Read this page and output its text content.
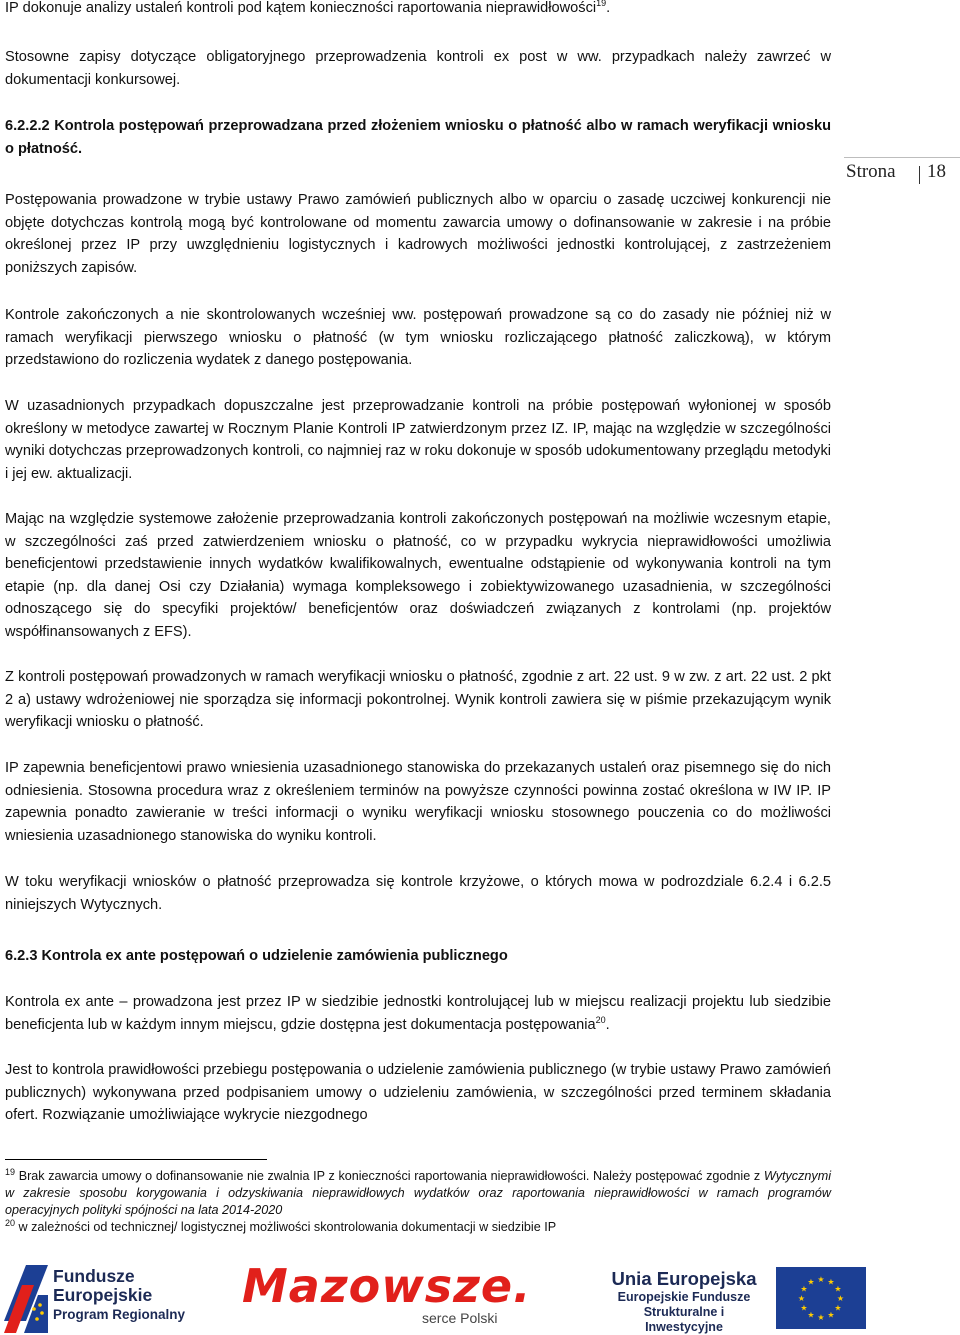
IP dokonuje analizy ustaleń kontroli pod kątem konieczności raportowania nieprawidłowości$^{19}$.

Stosowne zapisy dotyczące obligatoryjnego przeprowadzenia kontroli ex post w ww. przypadkach należy zawrzeć w dokumentacji konkursowej.

6.2.2.2 Kontrola postępowań przeprowadzana przed złożeniem wniosku o płatność albo w ramach weryfikacji wniosku o płatność.

Strona 18

Postępowania prowadzone w trybie ustawy Prawo zamówień publicznych albo w oparciu o zasadę uczciwej konkurencji nie objęte dotychczas kontrolą mogą być kontrolowane od momentu zawarcia umowy o dofinansowanie w zakresie i na próbie określonej przez IP przy uwzględnieniu logistycznych i kadrowych możliwości jednostki kontrolującej, z zastrzeżeniem poniższych zapisów.

Kontrole zakończonych a nie skontrolowanych wcześniej ww. postępowań prowadzone są co do zasady nie później niż w ramach weryfikacji pierwszego wniosku o płatność (w tym wniosku rozliczającego płatność zaliczkową), w którym przedstawiono do rozliczenia wydatek z danego postępowania.

W uzasadnionych przypadkach dopuszczalne jest przeprowadzanie kontroli na próbie postępowań wyłonionej w sposób określony w metodyce zawartej w Rocznym Planie Kontroli IP zatwierdzonym przez IZ. IP, mając na względzie w szczególności wyniki dotychczas przeprowadzonych kontroli, co najmniej raz w roku dokonuje w sposób udokumentowany przeglądu metodyki i jej ew. aktualizacji.

Mając na względzie systemowe założenie przeprowadzania kontroli zakończonych postępowań na możliwie wczesnym etapie, w szczególności zaś przed zatwierdzeniem wniosku o płatność, co w przypadku wykrycia nieprawidłowości umożliwia beneficjentowi przedstawienie innych wydatków kwalifikowalnych, ewentualne odstąpienie od wykonywania kontroli na tym etapie (np. dla danej Osi czy Działania) wymaga kompleksowego i zobiektywizowanego uzasadnienia, w szczególności odnoszącego się do specyfiki projektów/ beneficjentów oraz doświadczeń związanych z kontrolami (np. projektów współfinansowanych z EFS).

Z kontroli postępowań prowadzonych w ramach weryfikacji wniosku o płatność, zgodnie z art. 22 ust. 9 w zw. z art. 22 ust. 2 pkt 2 a) ustawy wdrożeniowej nie sporządza się informacji pokontrolnej. Wynik kontroli zawiera się w piśmie przekazującym wynik weryfikacji wniosku o płatność.

IP zapewnia beneficjentowi prawo wniesienia uzasadnionego stanowiska do przekazanych ustaleń oraz pisemnego się do nich odniesienia. Stosowna procedura wraz z określeniem terminów na powyższe czynności powinna zostać określona w IW IP. IP zapewnia ponadto zawieranie w treści informacji o wyniku weryfikacji wniosku stosownego pouczenia co do możliwości wniesienia uzasadnionego stanowiska do wyniku kontroli.

W toku weryfikacji wniosków o płatność przeprowadza się kontrole krzyżowe, o których mowa w podrozdziale 6.2.4 i 6.2.5 niniejszych Wytycznych.

6.2.3 Kontrola ex ante postępowań o udzielenie zamówienia publicznego

Kontrola ex ante – prowadzona jest przez IP w siedzibie jednostki kontrolującej lub w miejscu realizacji projektu lub siedzibie beneficjenta lub w każdym innym miejscu, gdzie dostępna jest dokumentacja postępowania$^{20}$.

Jest to kontrola prawidłowości przebiegu postępowania o udzielenie zamówienia publicznego (w trybie ustawy Prawo zamówień publicznych) wykonywana przed podpisaniem umowy o udzieleniu zamówienia, w szczególności przed terminem składania ofert. Rozwiązanie umożliwiające wykrycie niezgodnego

$^{19}$ Brak zawarcia umowy o dofinansowanie nie zwalnia IP z konieczności raportowania nieprawidłowości. Należy postępować zgodnie z Wytycznymi w zakresie sposobu korygowania i odzyskiwania nieprawidłowych wydatków oraz raportowania nieprawidłowości w ramach programów operacyjnych polityki spójności na lata 2014-2020

$^{20}$ w zależności od technicznej/ logistycznej możliwości skontrolowania dokumentacji w siedzibie IP

Fundusze
Europejskie
Program Regionalny
Mazowsze.
serce Polski
Unia Europejska
Europejskie Fundusze
Strukturalne i Inwestycyjne
★ ★
★
★
★
★
★
★
★
★
★
★
